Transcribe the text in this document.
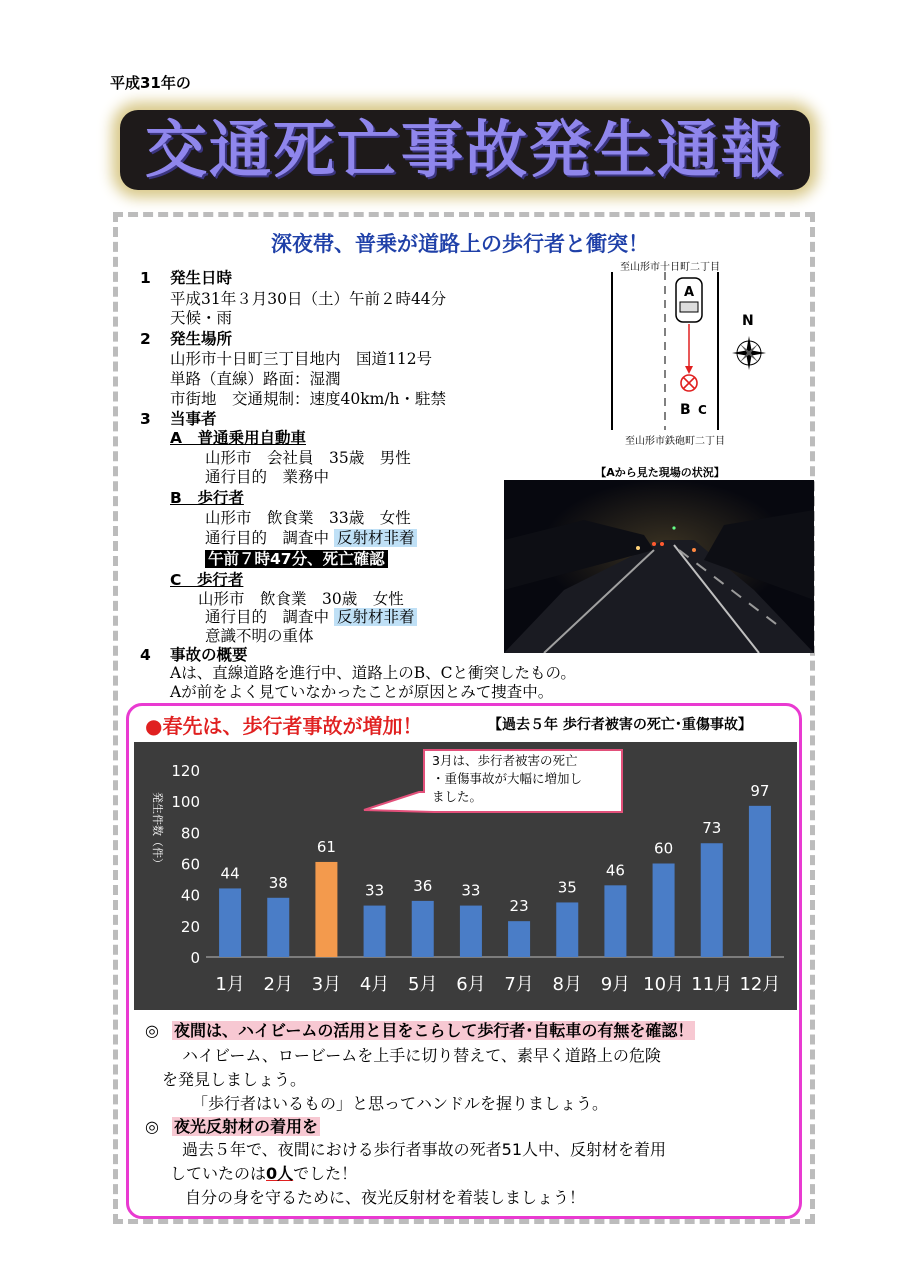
平成31年の
交通死亡事故発生通報
深夜帯、普乗が道路上の歩行者と衝突！
1 発生日時
平成31年３月30日（土）午前２時44分
天候・雨
2 発生場所
山形市十日町三丁目地内　国道112号
単路（直線）路面：湿潤
市街地　交通規制：速度40km/h・駐禁
3 当事者
A　普通乗用自動車
山形市　会社員　35歳　男性
通行目的　業務中
B　歩行者
山形市　飲食業　33歳　女性
通行目的　調査中 反射材非着
午前７時47分、死亡確認
C　歩行者
山形市　飲食業　30歳　女性
通行目的　調査中 反射材非着
意識不明の重体
4 事故の概要
Aは、直線道路を進行中、道路上のB、Cと衝突したもの。
Aが前をよく見ていなかったことが原因とみて捜査中。
至山形市十日町二丁目
至山形市鉄砲町二丁目
A
B C
N
【Aから見た現場の状況】
●春先は、歩行者事故が増加！	【過去５年 歩行者被害の死亡･重傷事故】
0
20
40
60
80
100
120
発生件数（件）
44
1月
38
2月
61
3月
33
4月
36
5月
33
6月
23
7月
35
8月
46
9月
60
10月
73
11月
97
12月
3月は、歩行者被害の死亡
・重傷事故が大幅に増加し
ました。
◎ 夜間は、ハイビームの活用と目をこらして歩行者･自転車の有無を確認！
ハイビーム、ロービームを上手に切り替えて、素早く道路上の危険
を発見しましょう。
「歩行者はいるもの」と思ってハンドルを握りましょう。
◎ 夜光反射材の着用を
過去５年で、夜間における歩行者事故の死者51人中、反射材を着用
していたのは0人でした！
自分の身を守るために、夜光反射材を着装しましょう！
